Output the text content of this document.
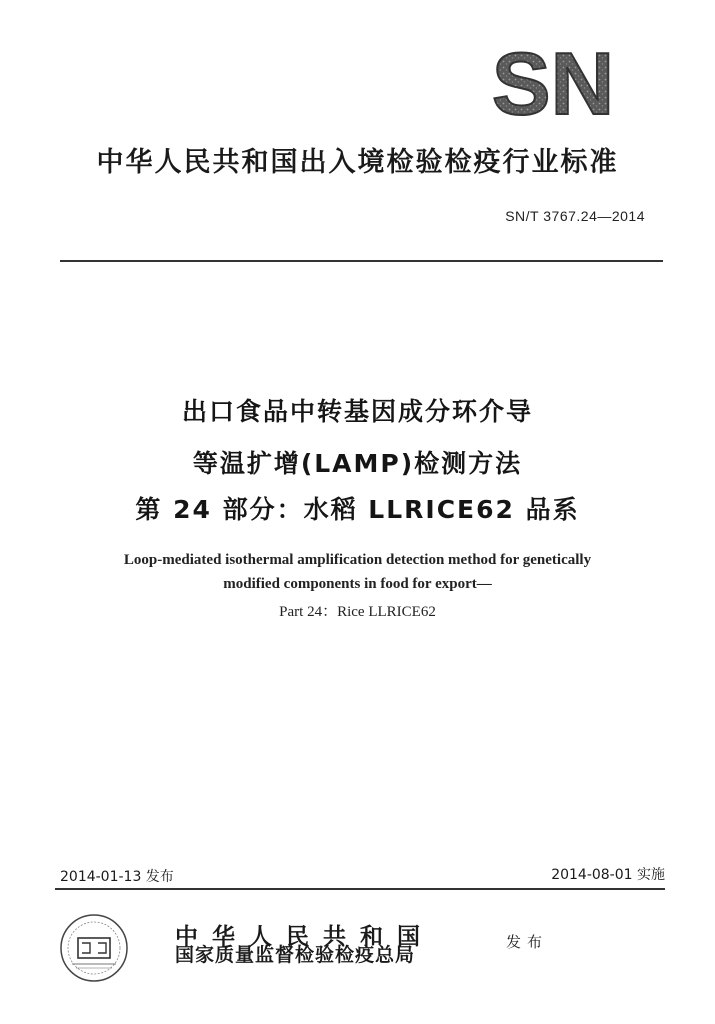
SN
中华人民共和国出入境检验检疫行业标准
SN/T 3767.24—2014
出口食品中转基因成分环介导
等温扩增(LAMP)检测方法
第 24 部分：水稻 LLRICE62 品系
Loop-mediated isothermal amplification detection method for genetically
modified components in food for export—
Part 24：Rice LLRICE62
2014-01-13 发布	2014-08-01 实施
中华人民共和国
国家质量监督检验检疫总局
发布
